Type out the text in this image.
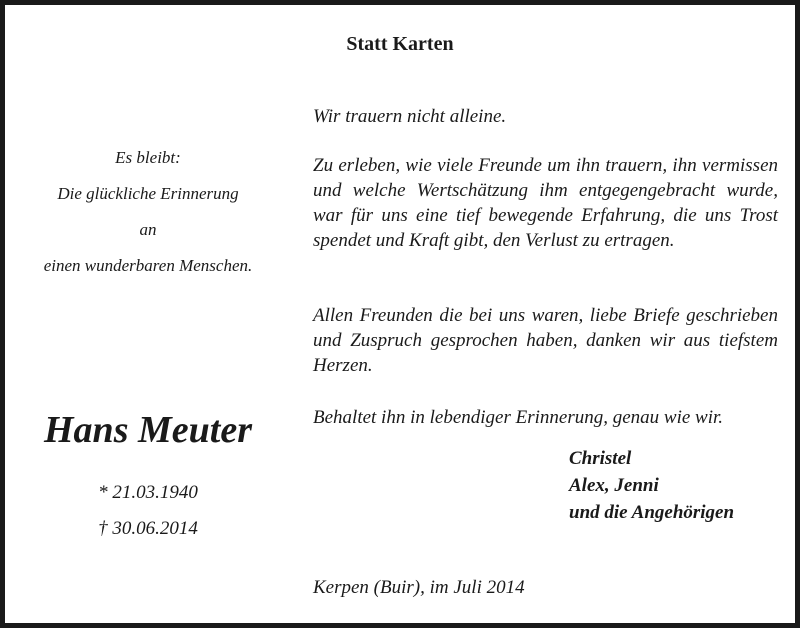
Statt Karten
Es bleibt:
Die glückliche Erinnerung
an
einen wunderbaren Menschen.
Hans Meuter
* 21.03.1940
† 30.06.2014
Wir trauern nicht alleine.
Zu erleben, wie viele Freunde um ihn trauern, ihn vermissen und welche Wertschätzung ihm entgegengebracht wurde, war für uns eine tief bewegende Erfahrung, die uns Trost spendet und Kraft gibt, den Verlust zu ertragen.
Allen Freunden die bei uns waren, liebe Briefe geschrieben und Zuspruch gesprochen haben, danken wir aus tiefstem Herzen.
Behaltet ihn in lebendiger Erinnerung, genau wie wir.
Christel
Alex, Jenni
und die Angehörigen
Kerpen (Buir), im Juli 2014
